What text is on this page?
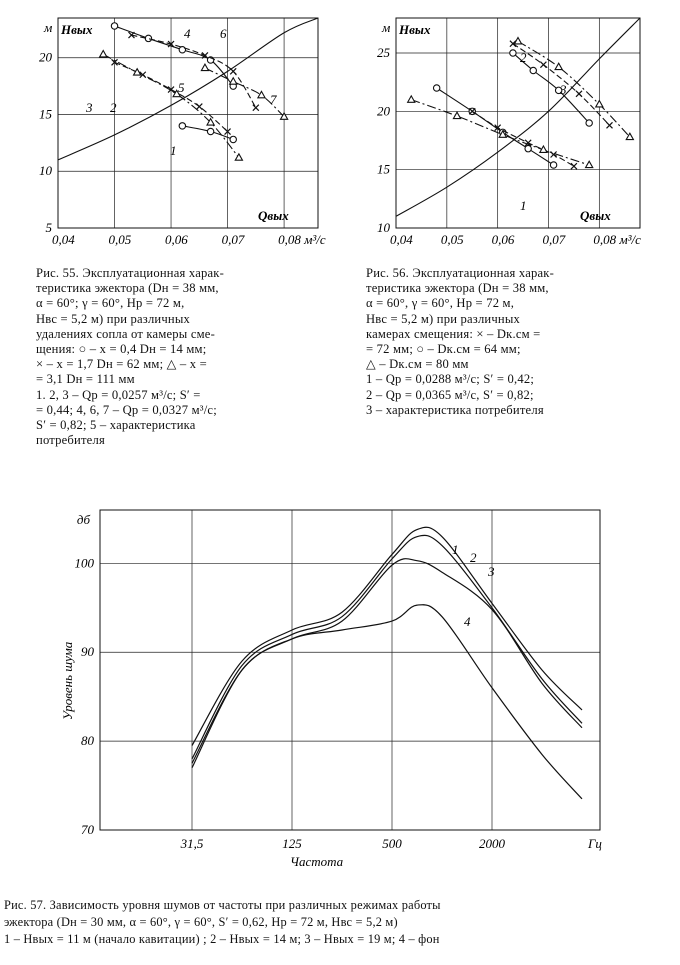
0,04	0,05	0,06	0,07	0,08 м³/с
5
10
15
20
м Hвых
Qвых
1
2
3
4
5
6
7
0,04 0,05 0,06 0,07 0,08 м³/с
10
15
20
25
м Hвых
Qвых
1
2
3
31,5	125	500	2000	Гц
70
80
90
100
дб
Уровень шума
Частота
1
2
3
4

Рис. 55. Эксплуатационная харак-

теристика эжектора (Dн = 38 мм,

α = 60°; γ = 60°, Hр = 72 м,

Hвс = 5,2 м) при различных

удалениях сопла от камеры сме-

щения: ○ – x = 0,4 Dн = 14 мм;

× – x = 1,7 Dн = 62 мм; △ – x =

= 3,1 Dн = 111 мм

1. 2, 3 – Qр = 0,0257 м³/с; S′ =

= 0,44; 4, 6, 7 – Qр = 0,0327 м³/с;

S′ = 0,82; 5 – характеристика

потребителя

Рис. 56. Эксплуатационная харак-

теристика эжектора (Dн = 38 мм,

α = 60°, γ = 60°, Hр = 72 м,

Hвс = 5,2 м) при различных

камерах смещения: × – Dк.см =

= 72 мм; ○ – Dк.см = 64 мм;

△ – Dк.см = 80 мм

1 – Qр = 0,0288 м³/с; S′ = 0,42;

2 – Qр = 0,0365 м³/с, S′ = 0,82;

3 – характеристика потребителя

Рис. 57. Зависимость уровня шумов от частоты при различных режимах работы

эжектора (Dн = 30 мм, α = 60°, γ = 60°, S′ = 0,62, Hр = 72 м, Hвс = 5,2 м)

1 – Hвых = 11 м (начало кавитации) ; 2 – Hвых = 14 м; 3 – Hвых = 19 м; 4 – фон
